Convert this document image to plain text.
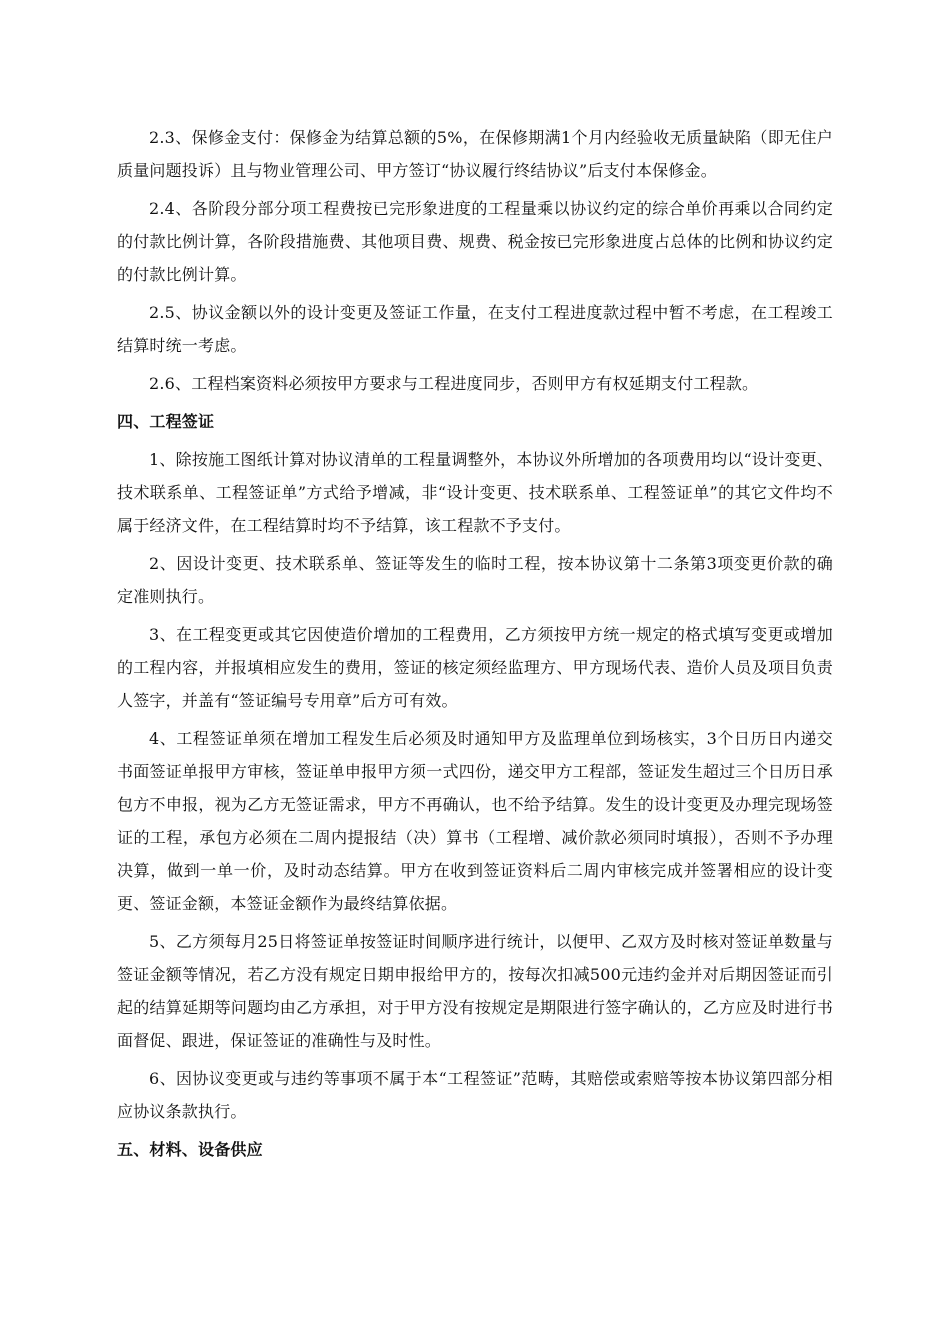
2.3、保修金支付：保修金为结算总额的5%，在保修期满1个月内经验收无质量缺陷（即无住户质量问题投诉）且与物业管理公司、甲方签订“协议履行终结协议”后支付本保修金。

2.4、各阶段分部分项工程费按已完形象进度的工程量乘以协议约定的综合单价再乘以合同约定的付款比例计算，各阶段措施费、其他项目费、规费、税金按已完形象进度占总体的比例和协议约定的付款比例计算。

2.5、协议金额以外的设计变更及签证工作量，在支付工程进度款过程中暂不考虑，在工程竣工结算时统一考虑。

2.6、工程档案资料必须按甲方要求与工程进度同步，否则甲方有权延期支付工程款。

四、工程签证

1、除按施工图纸计算对协议清单的工程量调整外，本协议外所增加的各项费用均以“设计变更、技术联系单、工程签证单”方式给予增减，非“设计变更、技术联系单、工程签证单”的其它文件均不属于经济文件，在工程结算时均不予结算，该工程款不予支付。

2、因设计变更、技术联系单、签证等发生的临时工程，按本协议第十二条第3项变更价款的确定准则执行。

3、在工程变更或其它因使造价增加的工程费用，乙方须按甲方统一规定的格式填写变更或增加的工程内容，并报填相应发生的费用，签证的核定须经监理方、甲方现场代表、造价人员及项目负责人签字，并盖有“签证编号专用章”后方可有效。

4、工程签证单须在增加工程发生后必须及时通知甲方及监理单位到场核实，3个日历日内递交书面签证单报甲方审核，签证单申报甲方须一式四份，递交甲方工程部，签证发生超过三个日历日承包方不申报，视为乙方无签证需求，甲方不再确认，也不给予结算。发生的设计变更及办理完现场签证的工程，承包方必须在二周内提报结（决）算书（工程增、减价款必须同时填报），否则不予办理决算，做到一单一价，及时动态结算。甲方在收到签证资料后二周内审核完成并签署相应的设计变更、签证金额，本签证金额作为最终结算依据。

5、乙方须每月25日将签证单按签证时间顺序进行统计，以便甲、乙双方及时核对签证单数量与签证金额等情况，若乙方没有规定日期申报给甲方的，按每次扣减500元违约金并对后期因签证而引起的结算延期等问题均由乙方承担，对于甲方没有按规定是期限进行签字确认的，乙方应及时进行书面督促、跟进，保证签证的准确性与及时性。

6、因协议变更或与违约等事项不属于本“工程签证”范畴，其赔偿或索赔等按本协议第四部分相应协议条款执行。

五、材料、设备供应
